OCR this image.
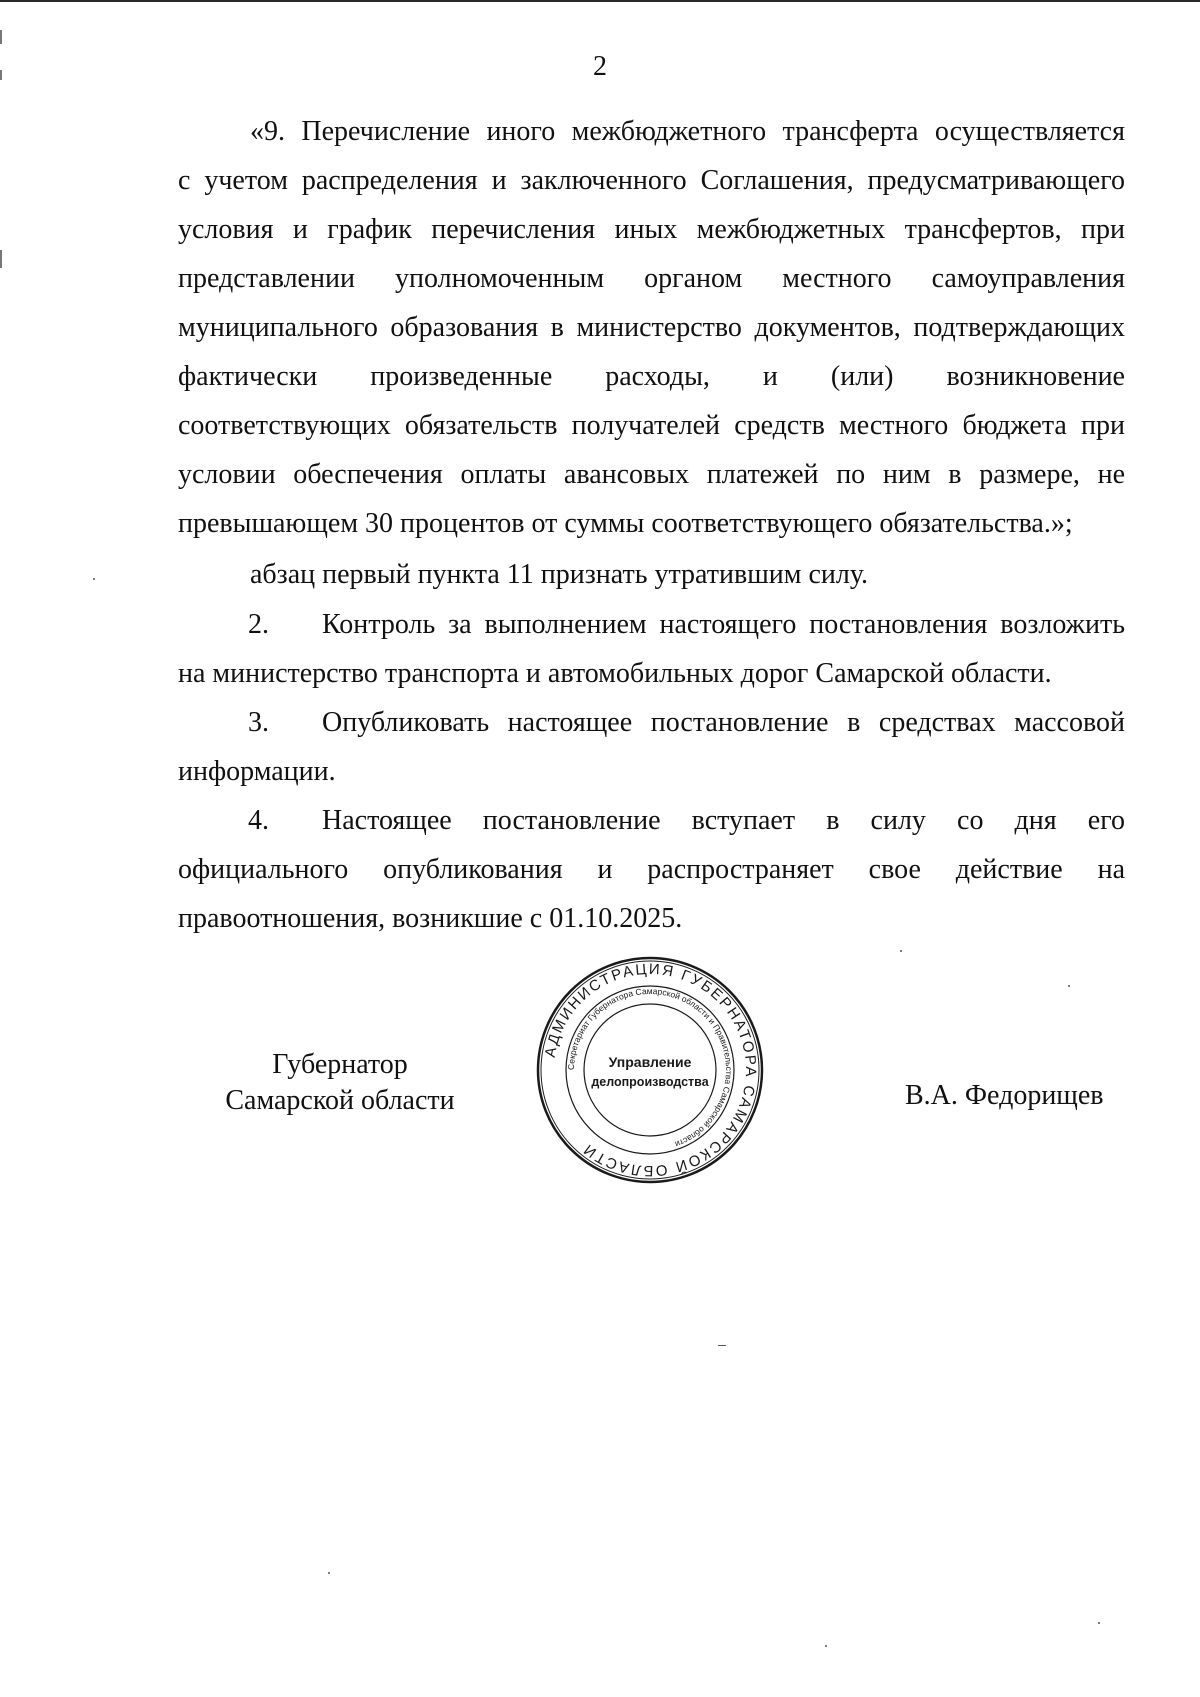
2
«9. Перечисление иного межбюджетного трансферта осуществляется
с учетом распределения и заключенного Соглашения, предусматривающего
условия и график перечисления иных межбюджетных трансфертов, при
представлении уполномоченным органом местного самоуправления
муниципального образования в министерство документов, подтверждающих
фактически произведенные расходы, и (или) возникновение
соответствующих обязательств получателей средств местного бюджета при
условии обеспечения оплаты авансовых платежей по ним в размере, не
превышающем 30 процентов от суммы соответствующего обязательства.»;
абзац первый пункта 11 признать утратившим силу.
2.	Контроль за выполнением настоящего постановления возложить
на министерство транспорта и автомобильных дорог Самарской области.
3.	Опубликовать настоящее постановление в средствах массовой
информации.
4.	Настоящее постановление вступает в силу со дня его
официального опубликования и распространяет свое действие на
правоотношения, возникшие с 01.10.2025.
Губернатор
Самарской области	В.А. Федорищев
АДМИНИСТРАЦИЯ ГУБЕРНАТОРА САМАРСКОЙ ОБЛАСТИ
Секретариат Губернатора Самарской области и Правительства Самарской области
Управление
делопроизводства
